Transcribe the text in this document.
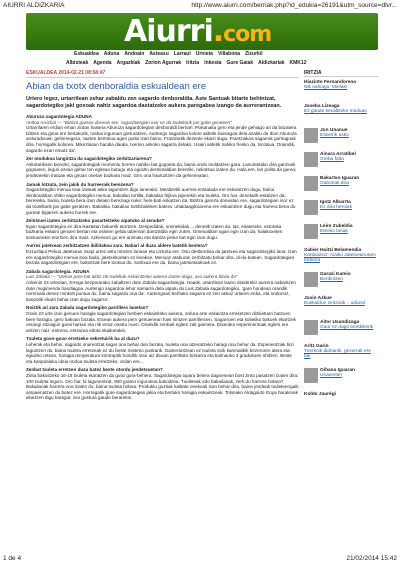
AIURRI ALDIZKARIA	http://www.aiurri.com/berriak.php?id_edukia=26191&utm_source=dlvr...
Aiurri.com
Eskualdea Aduna Andoain Asteasu Larraul Urnieta Villabona Zizurkil
Albisteak Agenda Argazkiak Zorion Agurrak Iritzia Inkesta Gure Gaiak Aldizkariak KMK12
ESKUALDEA 2014-02-21 08:58:47
Abian da txotx denboraldia eskualdean ere
Urtero legez, urtarrilean zehar zabaldu zen sagardo denboraldia. Aste Santuak bitarte behintzat, sagardotegiko jaki goxoak nahiz sagardoa dastatzeko aukera paregabea izango da aurrerantzean.
Aburuza sagardotegia ADUNA
Anttoa Arrizbal — "Bizitza gareza donean ere, sagardotegian inor ez da txuleltarik jan gabe gerateen"
Urtarrilaren erdian eman ziotan hasiera Aburuza sagardotegian denboraldi berriari. Pixkanaka gero eta jende gehiago ari da bazatera biltzen eta giroa ere bertakorik, mahai inguruan gorturatzen. Aurtengo sagardoa kolore aldetik iluxeagoa dela azaldu du Ibon Aburuza arduradunak, gehienegera, 'aurten bertokoa ageri guttxi izan baino, Frantziatik dezente ekarri dugu. Frantziakoa sagarrak gorriagoak dira, horregatik kolorea. Mikeztasun handia dauka, txerino askoko sagarra delako. Usain aldetik nahiko fresko da, lorotsua. Oraindik, sagardo ezan ematz da'.
Zer modukoa langintza da sagardotegiko zerbitzariarena?
Askotarikoen berezki, sagardotegiak momentu horren nahiko bat gogoeta da, baina ondo moldatzen gara. Lanuntetako dira ganzuek gogoaren, leguri ezean gehar ten egitean batugu eta egiazki denboraldian bereziki, nekotsua izaten da. Hala ere, lan polita da gurea; jendearekin tratuan eta giroan onetan bazkara maiz. Giro ona hautuztzen da gehieneatan.
Jamak lotzuta, zein jakik du harreeraik berezena?
Sagardotegiko menua tixia izateak asko laguntzen digu lanerako. Mealtzetik aurrera entsalada ere eskaintzen dugu, baina denboraldian ohiko sagardotegiko menua: bakailao tortilla, bakailao frijitua piperekin eta txuleta. Oro har, denetarik eskatzen da; bereseka, baina, txuleta bera izan delako bereziagi nuke; hein-bati eskatzen da. Bizitza gareza doneatan ere, sagardotegian inor ez da txuleltarik jan gabe geratzen. Bakaikia, bakailao tortiltzaileken batera, urtaldaagikoarena ere eskaintzen dugu eta harrera bena du gurean bigarren aukera horrek ere.
Zeintzuei izaten zerbitzatzeko pasartetzeko aipatuko al zenuke?
Egun sagardotegira ez dira ikastetan bakarrik etortzen. Despedidak, ominekidak..., denetik izaten da. Iaz, esaterako, estotoka bazkaria eskaini genuen bertan eta osloten gelda tabernari dantzaldia egin zuten. Omenaldian ugari egin izan da; halakoxeten sonluanekin etortzen dira maiz. Azkeneon gu ere animatu eta dantza pinka bat egin izan dugu.
Aurrez jatetxean zerbitzatzen ibiliitakoa zara. Nabari al duzu aldere batetik bestera?
Ezzuztiqui Pekuu Jatetxean zazpi urtez aritu nintzen lanean eta Uzturta ere. Oso desberdina da jatetxea eta sagardotegiko lana. Izan ere sagardotegiko menua itxia bada, jatetxekoetan ez lexakoe. Menuaz ataburan zerbitzatu behar dira, di-da batean. Sagardotegian bezala sagardotegian ere, bakoitzak bere txokoa du. Saritxua ere da, baina jatetxetaokoak ez.
Zabala sagardotegia. ADUNA
Luis Zabala — "Urtean pare bat aldiz ziti txuleltak eskaintzeko aukera izaten dugu, oso aukera bitxia da"
Azkenin 23 urteotan, Errega bezperarako zabaltzen dute Zabala sagardotegia. Haatik, urtarrilean baino oktabrekir aurrera nabaritzen dute mugimendu handiagoa. Aurtengo sagardoa lehor samarra dela aipatu du Luis Zabala sagardotegiko, 'gare hondean orandik nornmala denez minkolt puntua du, baina sagardo ona da'. Aurtengoan berbako sagarra ez zen askoz urtaren erdia, eta ondorioz, kanpotik ekarri behar izan dugu sagarra'.
Noiztik ari zara Zabala sagardotegiko parrillero lanetan?
Orain 23 urte izan genuen haragia sagardotegian berbien eskainiteko aukera, ordura arte eskaintza erreketzen dizkietuen batzuen bere haragia, gero bakoan bozala. Etxean aukera pern genuenean hasi nintzen parrilleroen. Sagarroen eta solasiko bakoek ekartzek omangi zitzaigun garai hartan eta nik erraz onartu nuen. Oraindik zenbait egiten zait gaimera. Etxerako esperimentuak egiten ere aritzen naiz: entrena, entzuma edota ekaikerakin.
Txuleta goxo-goxo erretzeko sekretuirik ba al duzu?
Lehenik eta behin, sagardo onarentzat sagar ona behar den bezala, txuleta ona atzeratzeko haragi ona behar da. Esperientziak bizi laguntzen du, baina txuleta erretzeak ez du beste misterio puskarik. Gainerantzean ez txuleta onik kanmatikik bezeroren atera eta egiazko urtean, haragia temperatura kontraptik hondrik izan aiz deuan parrillako bizkarra eta kalmaoko 3 gradukoen ohitzen. Beste eta kanpoaluko ideia ondoa txuleta erretzeko, ordan ere...
Zenbat txuleta erretzen duzu batez beste otordu jendetsuetan?
Zinta bakoitzeko 16-18 txuleta etaratzen da gutxi gora-behera. Sagardotegia txpara betera dagoenean bost zinta pasatzen izaten dira: 100 txuleta inguru. Oro har, bi lagunentzat, 900 gramo ingurukoa bakoitzea. Txuleteak edo bakailaoak, zerk du harrera hobea?
Bakailaoak harrera ona izaten du, baina txuleta hobea. Produktu guztiak kalitate onekoak izan behar dira, baina jendeak txuleteengaik ampaenatzen du batez ere. Horregatik gure sagardotegian jakia eta bertako haragia eskaintzeak. Tolosako Aldagoido Goya harakinak ekartzen digu haragia; oso gustura gaude berarekin.
IRITZIA
Hiazinto Fernandorena
Nik nahiago: Mielak!
Joxeba Lizeaga
Ez gaude kexaltzeko moduan
Jon Unanue
Eskerrik asko
Ainara Arratibel
Greba falta
Bakartxo Iguaran
Gabonak dira
Igotz Albarrta
Ez dira heroiak
Leire Zubeldia
Eteeko lanak
Xabier Huitzi Belamendia
Kanbiazioz: Aiaiko Jatetxeanunen trebeza
Garazi Kamio
Berdintzen
Joxin Azkue
Euskaldun zintzoak... udazal
Aitor Usandizaga
Gaur ez dago bentkileirik
Aritz Garin
Txerkoik didnanik, gezurrak ere bai
Oihana Iguaran
Unavente!
Koldo Jaurégi
1 de 4	21/02/2014 15:42
